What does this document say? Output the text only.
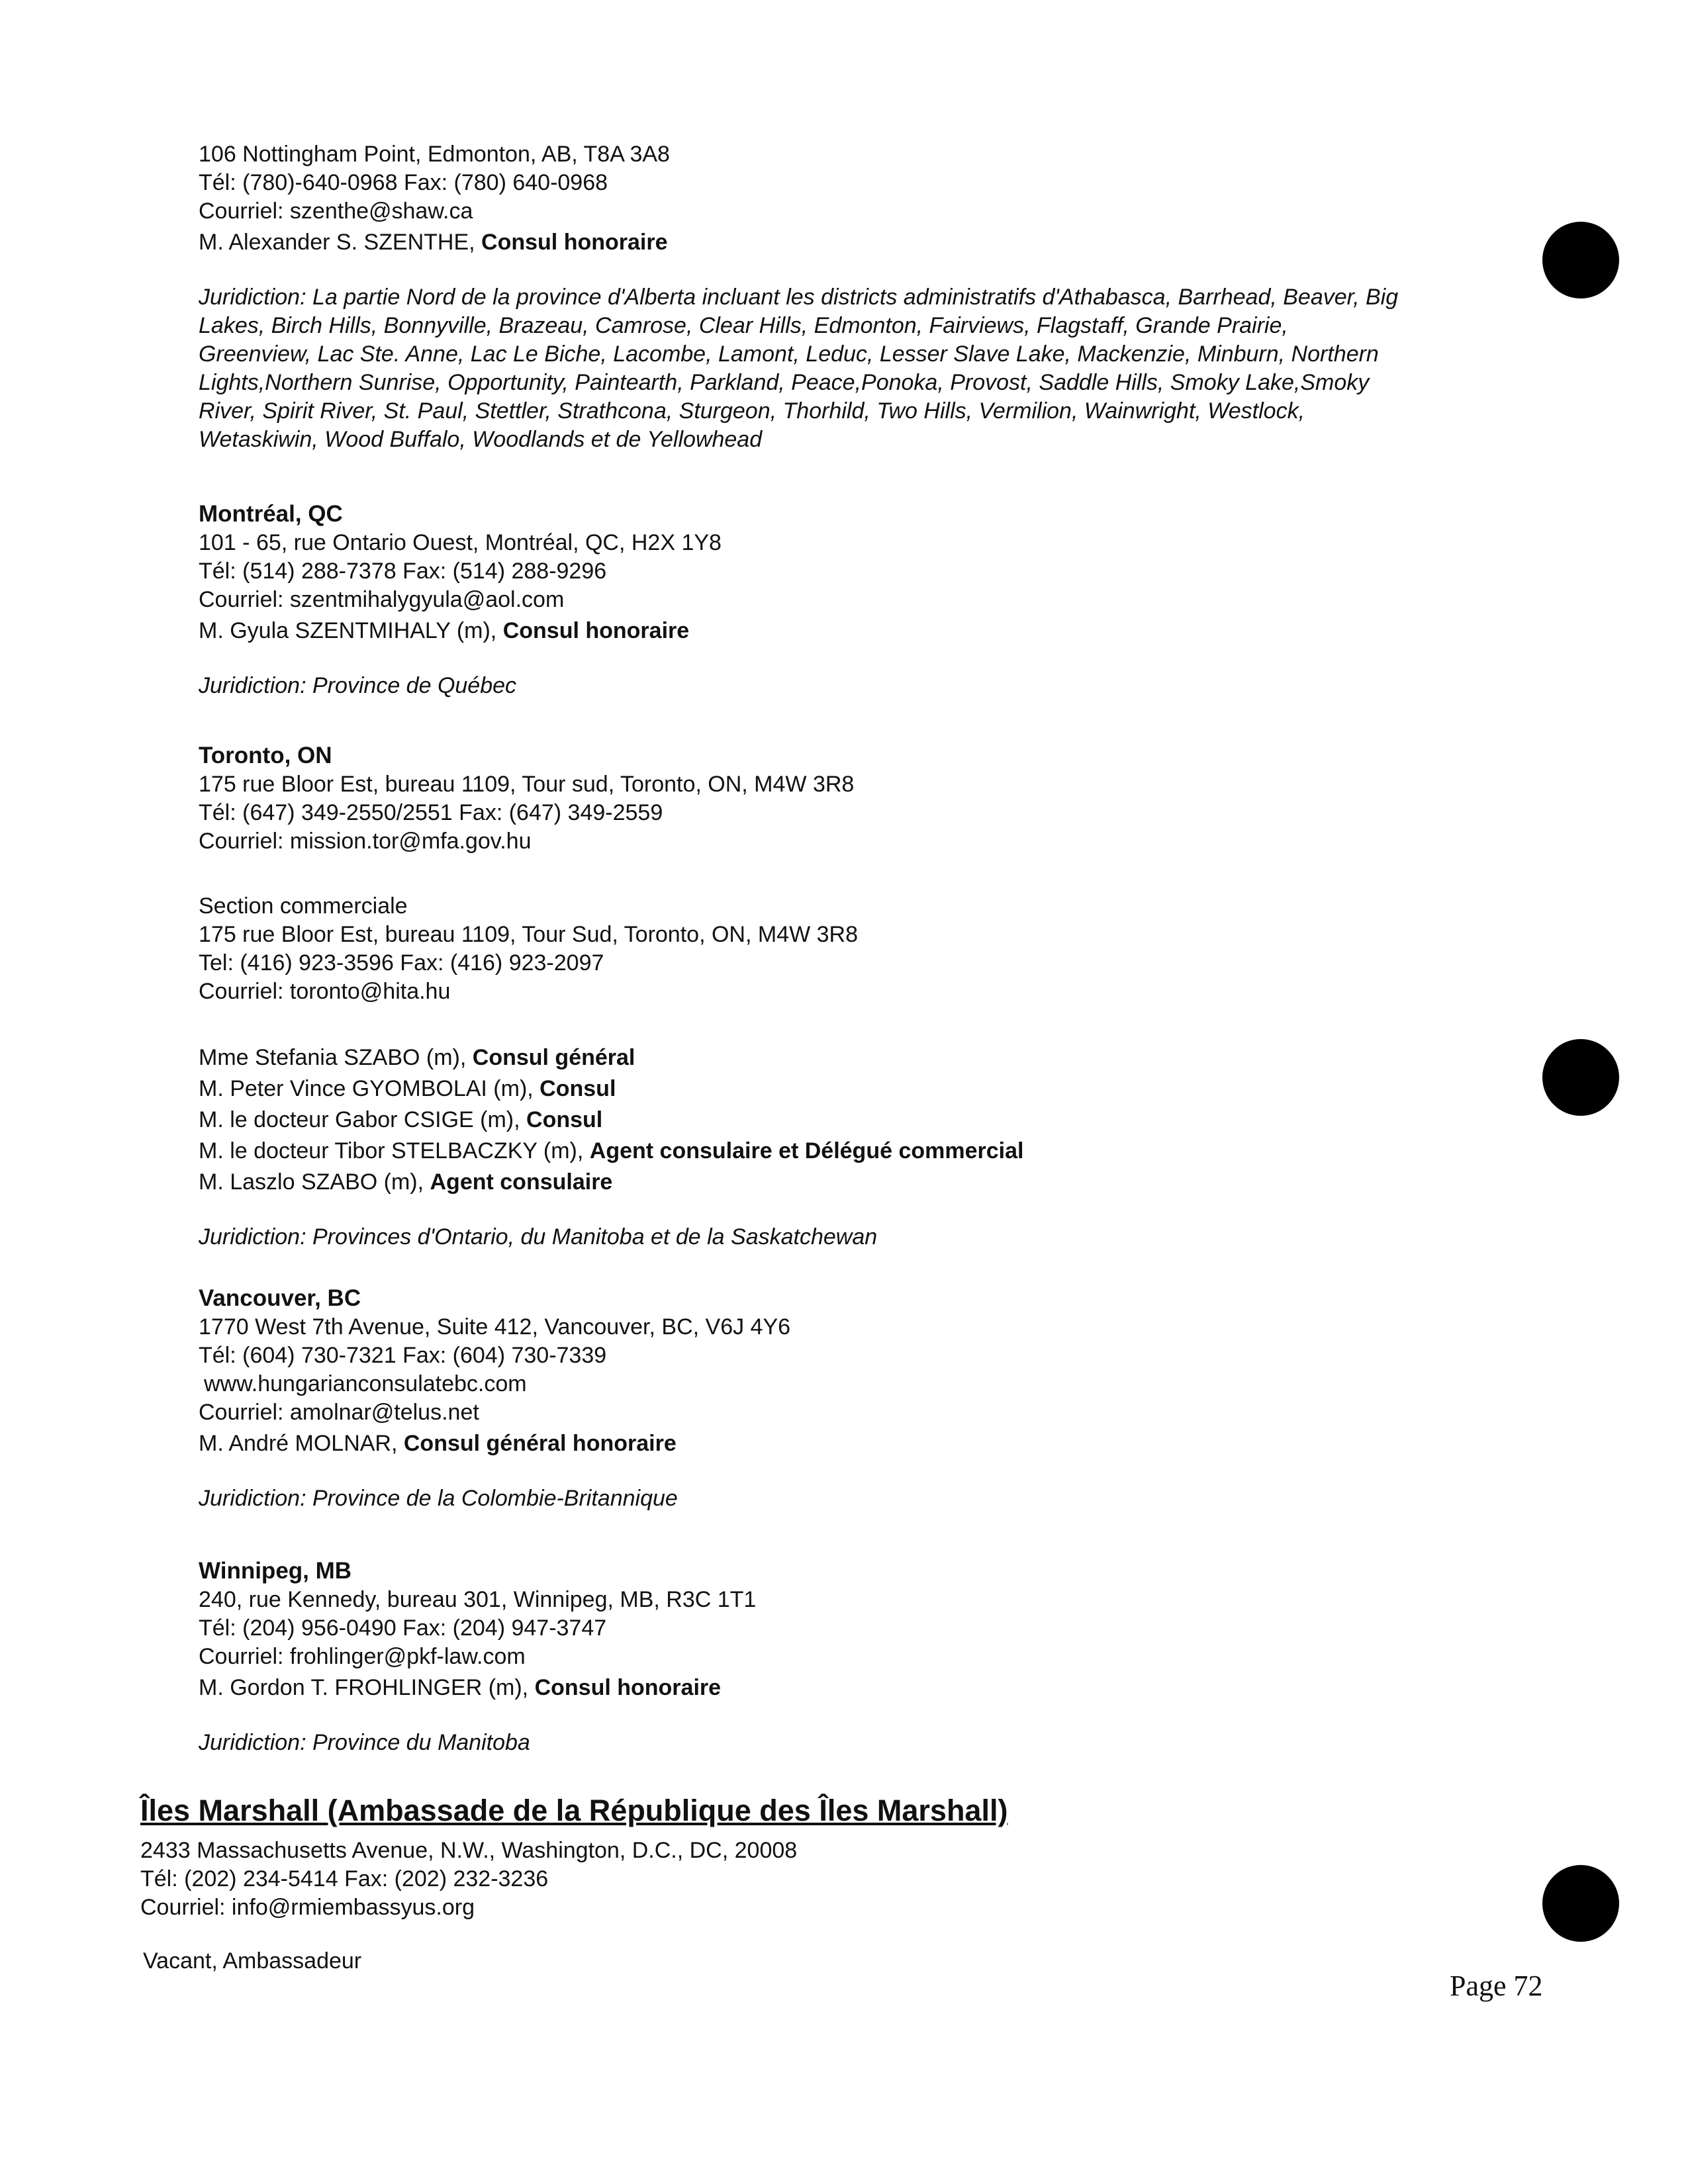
106 Nottingham Point, Edmonton, AB, T8A 3A8
Tél: (780)-640-0968 Fax: (780) 640-0968
Courriel: szenthe@shaw.ca
M. Alexander S. SZENTHE, Consul honoraire
Juridiction: La partie Nord de la province d'Alberta incluant les districts administratifs d'Athabasca, Barrhead, Beaver, Big
Lakes, Birch Hills, Bonnyville, Brazeau, Camrose, Clear Hills, Edmonton, Fairviews, Flagstaff, Grande Prairie,
Greenview, Lac Ste. Anne, Lac Le Biche, Lacombe, Lamont, Leduc, Lesser Slave Lake, Mackenzie, Minburn, Northern
Lights,Northern Sunrise, Opportunity, Paintearth, Parkland, Peace,Ponoka, Provost, Saddle Hills, Smoky Lake,Smoky
River, Spirit River, St. Paul, Stettler, Strathcona, Sturgeon, Thorhild, Two Hills, Vermilion, Wainwright, Westlock,
Wetaskiwin, Wood Buffalo, Woodlands et de Yellowhead
Montréal, QC
101 - 65, rue Ontario Ouest, Montréal, QC, H2X 1Y8
Tél: (514) 288-7378 Fax: (514) 288-9296
Courriel: szentmihalygyula@aol.com
M. Gyula SZENTMIHALY (m), Consul honoraire
Juridiction: Province de Québec
Toronto, ON
175 rue Bloor Est, bureau 1109, Tour sud, Toronto, ON, M4W 3R8
Tél: (647) 349-2550/2551 Fax: (647) 349-2559
Courriel: mission.tor@mfa.gov.hu
Section commerciale
175 rue Bloor Est, bureau 1109, Tour Sud, Toronto, ON, M4W 3R8
Tel: (416) 923-3596 Fax: (416) 923-2097
Courriel: toronto@hita.hu
Mme Stefania SZABO (m), Consul général
M. Peter Vince GYOMBOLAI (m), Consul
M. le docteur Gabor CSIGE (m), Consul
M. le docteur Tibor STELBACZKY (m), Agent consulaire et Délégué commercial
M. Laszlo SZABO (m), Agent consulaire
Juridiction: Provinces d'Ontario, du Manitoba et de la Saskatchewan
Vancouver, BC
1770 West 7th Avenue, Suite 412, Vancouver, BC, V6J 4Y6
Tél: (604) 730-7321 Fax: (604) 730-7339
www.hungarianconsulatebc.com
Courriel: amolnar@telus.net
M. André MOLNAR, Consul général honoraire
Juridiction: Province de la Colombie-Britannique
Winnipeg, MB
240, rue Kennedy, bureau 301, Winnipeg, MB, R3C 1T1
Tél: (204) 956-0490 Fax: (204) 947-3747
Courriel: frohlinger@pkf-law.com
M. Gordon T. FROHLINGER (m), Consul honoraire
Juridiction: Province du Manitoba
Îles Marshall (Ambassade de la République des Îles Marshall)
2433 Massachusetts Avenue, N.W., Washington, D.C., DC, 20008
Tél: (202) 234-5414 Fax: (202) 232-3236
Courriel: info@rmiembassyus.org
Vacant, Ambassadeur
Page 72
